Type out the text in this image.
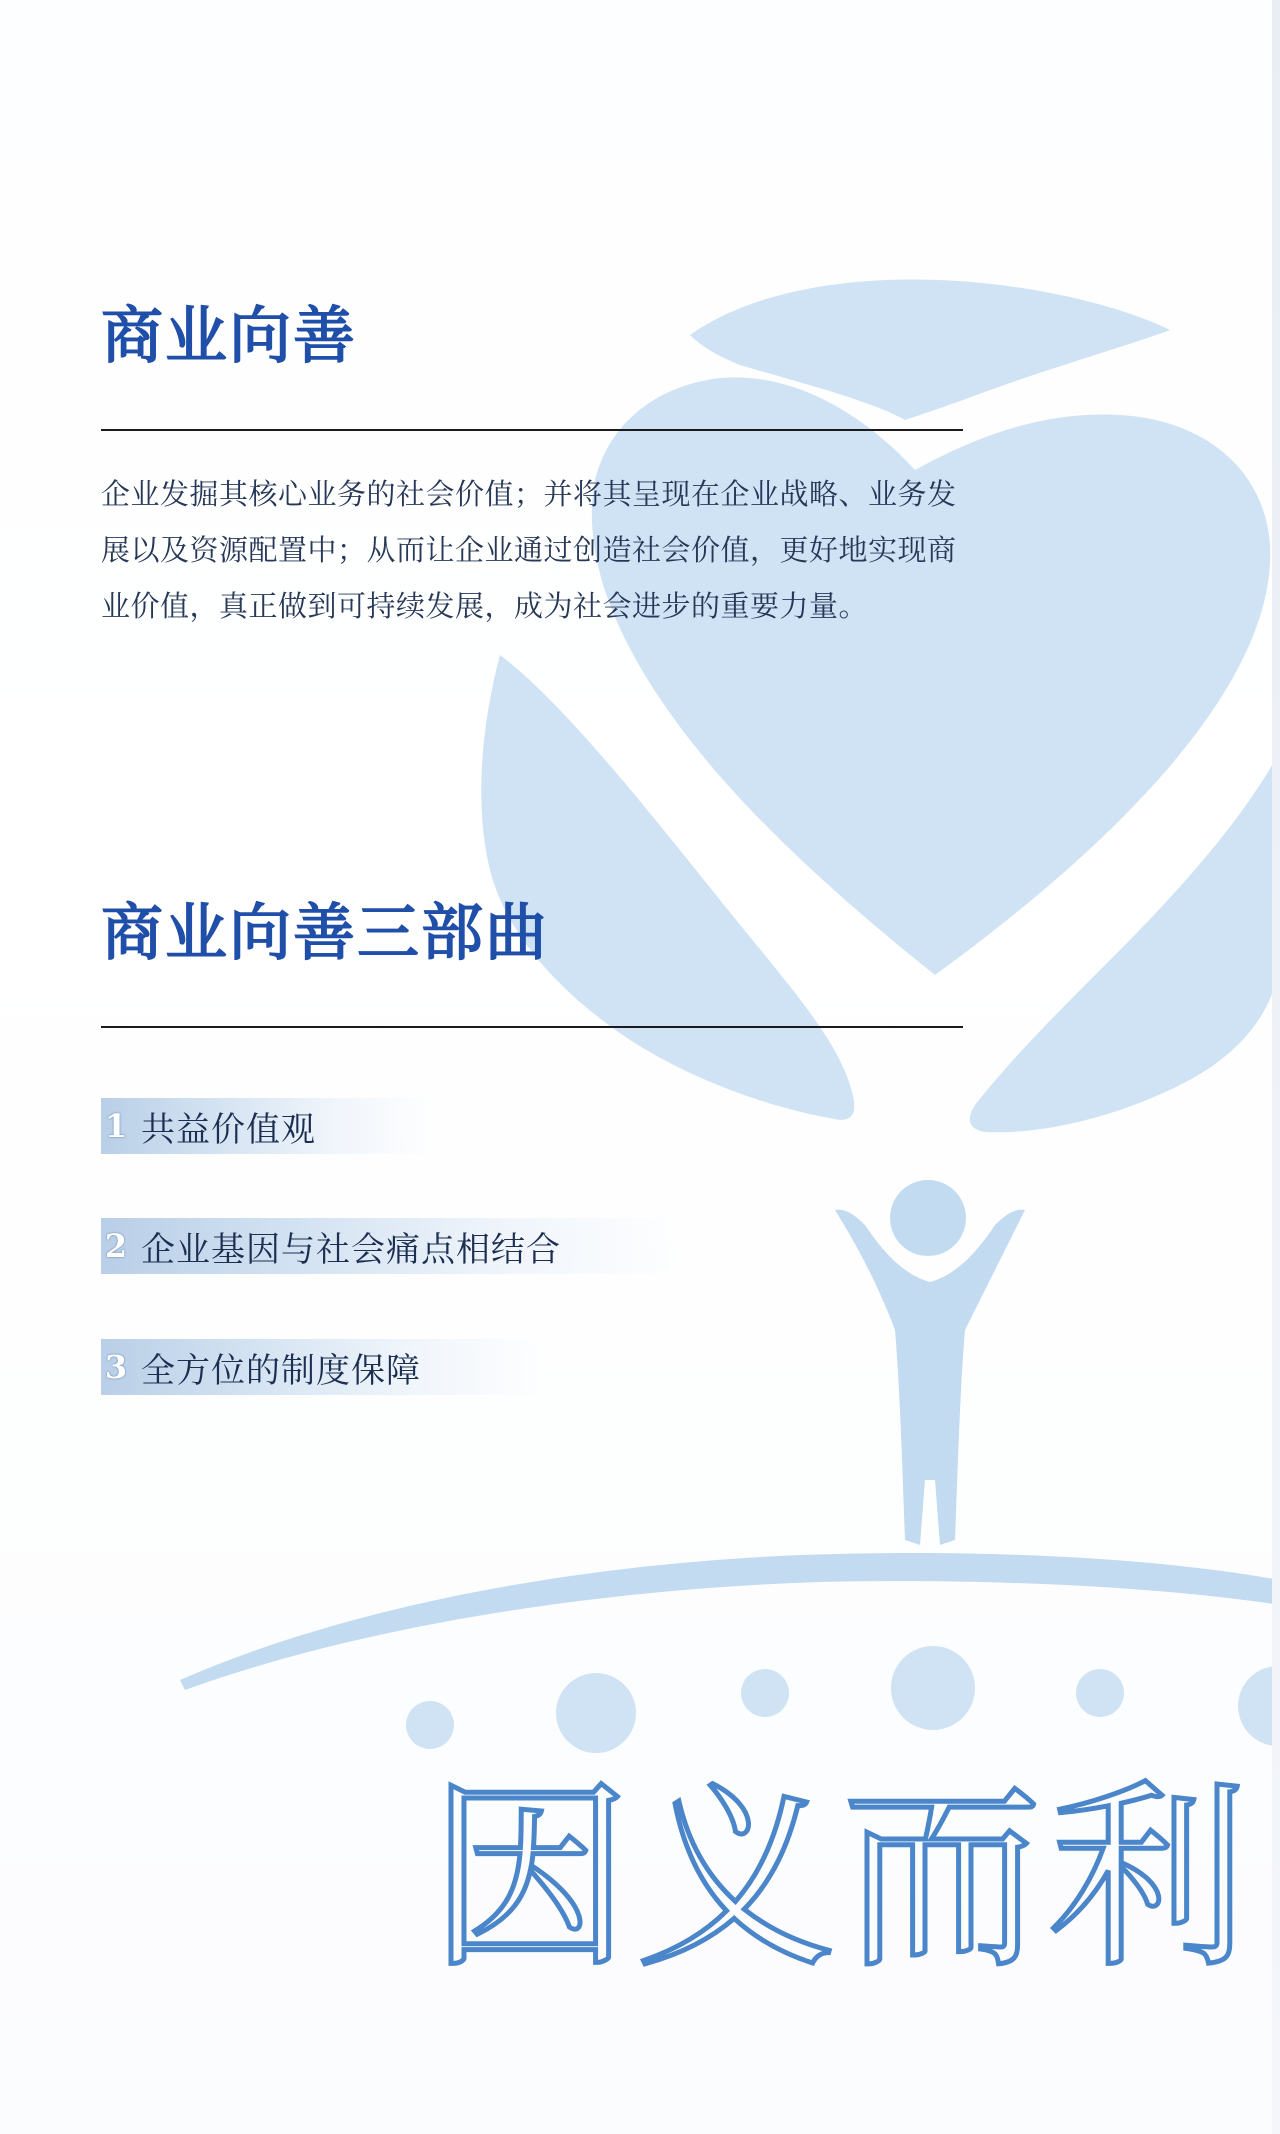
商业向善

企业发掘其核心业务的社会价值；并将其呈现在企业战略、业务发展以及资源配置中；从而让企业通过创造社会价值，更好地实现商业价值，真正做到可持续发展，成为社会进步的重要力量。

商业向善三部曲
1 共益价值观
2 企业基因与社会痛点相结合
3 全方位的制度保障
因义而利
